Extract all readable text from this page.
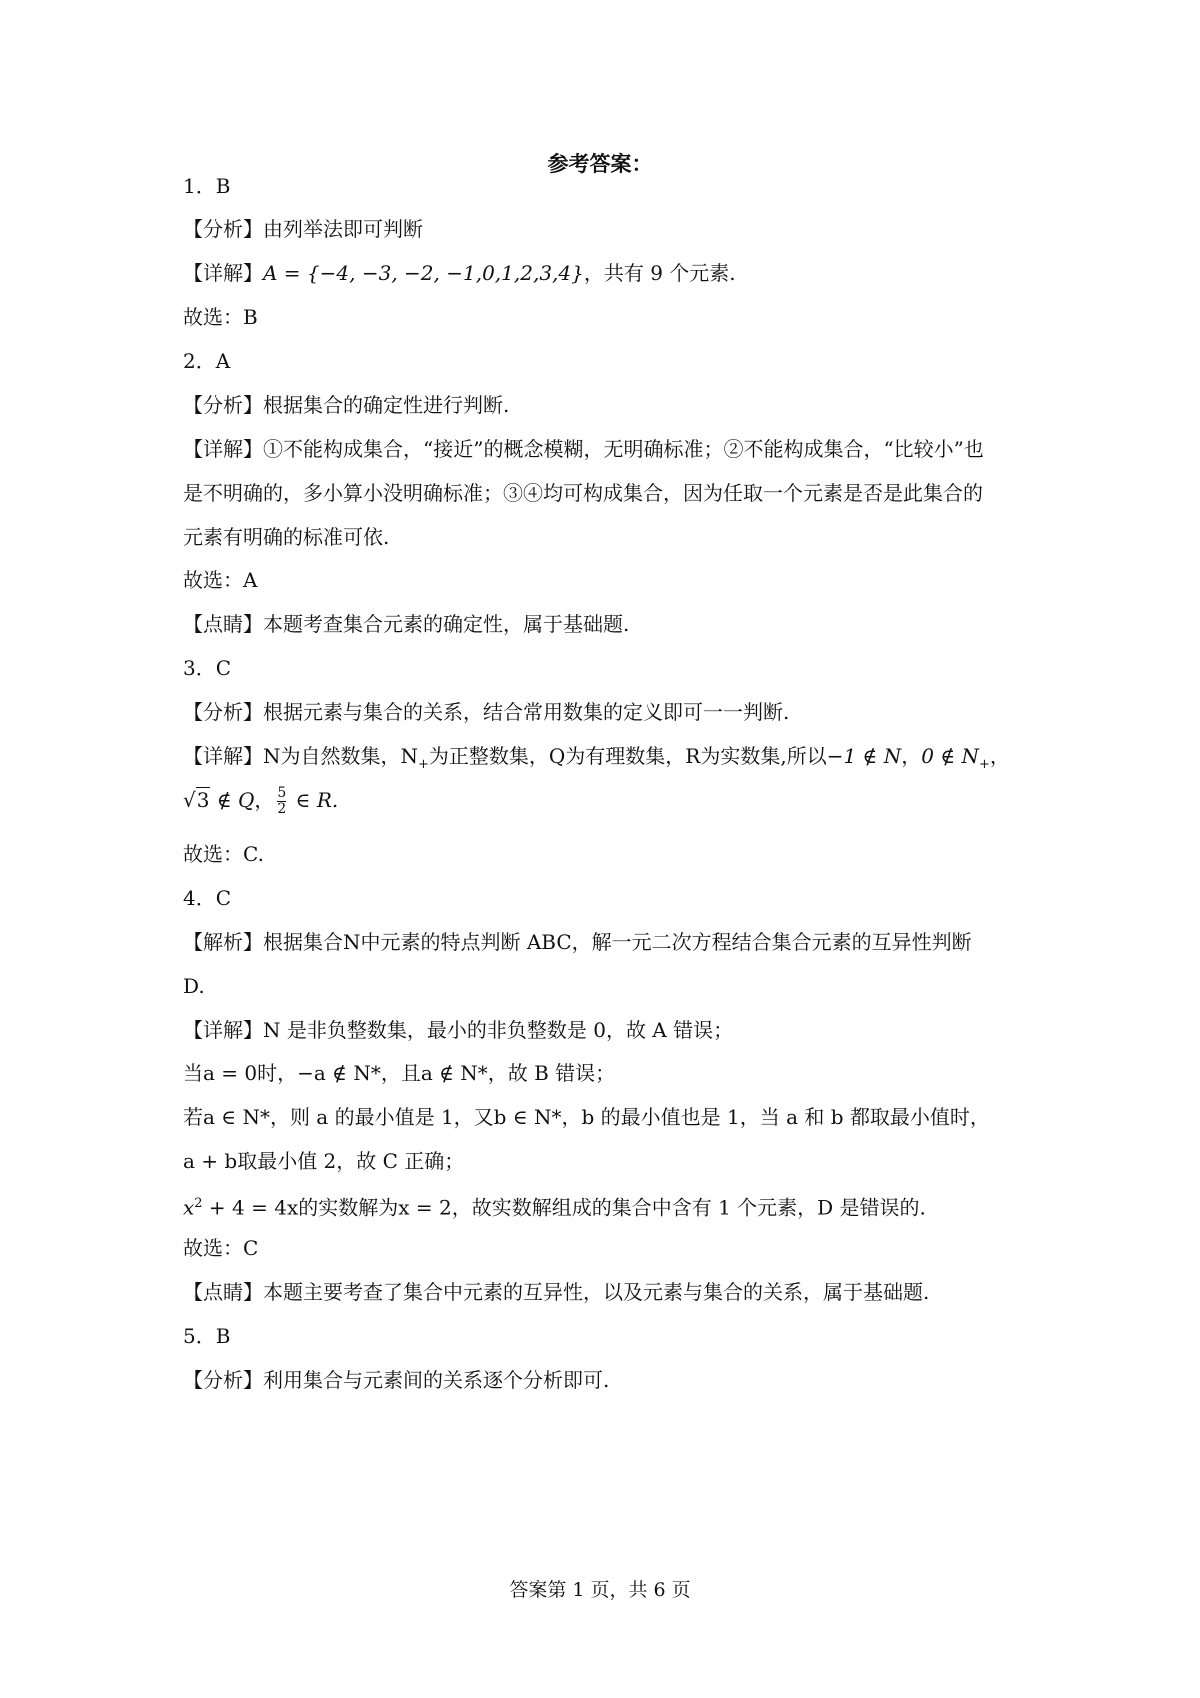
参考答案：
1．B
【分析】由列举法即可判断
【详解】A = {−4, −3, −2, −1,0,1,2,3,4}，共有 9 个元素.
故选：B
2．A
【分析】根据集合的确定性进行判断.
【详解】①不能构成集合，“接近”的概念模糊，无明确标准；②不能构成集合，“比较小”也
是不明确的，多小算小没明确标准；③④均可构成集合，因为任取一个元素是否是此集合的
元素有明确的标准可依.
故选：A
【点睛】本题考查集合元素的确定性，属于基础题.
3．C
【分析】根据元素与集合的关系，结合常用数集的定义即可一一判断.
【详解】N为自然数集，$N_+$为正整数集，Q为有理数集，R为实数集,所以−1 ∉ N，0 ∉ $N_+$，
√3 ∉ Q， $\frac{5}{2}$ ∈ R.
故选：C.
4．C
【解析】根据集合N中元素的特点判断 ABC，解一元二次方程结合集合元素的互异性判断
D.
【详解】N 是非负整数集，最小的非负整数是 0，故 A 错误；
当a = 0时，−a ∉ N*，且a ∉ N*，故 B 错误；
若a ∈ N*，则 a 的最小值是 1，又b ∈ N*，b 的最小值也是 1，当 a 和 b 都取最小值时，
a + b取最小值 2，故 C 正确；
$x^2 + 4 = 4x$的实数解为x = 2，故实数解组成的集合中含有 1 个元素，D 是错误的.
故选：C
【点睛】本题主要考查了集合中元素的互异性，以及元素与集合的关系，属于基础题.
5．B
【分析】利用集合与元素间的关系逐个分析即可.
答案第 1 页，共 6 页
